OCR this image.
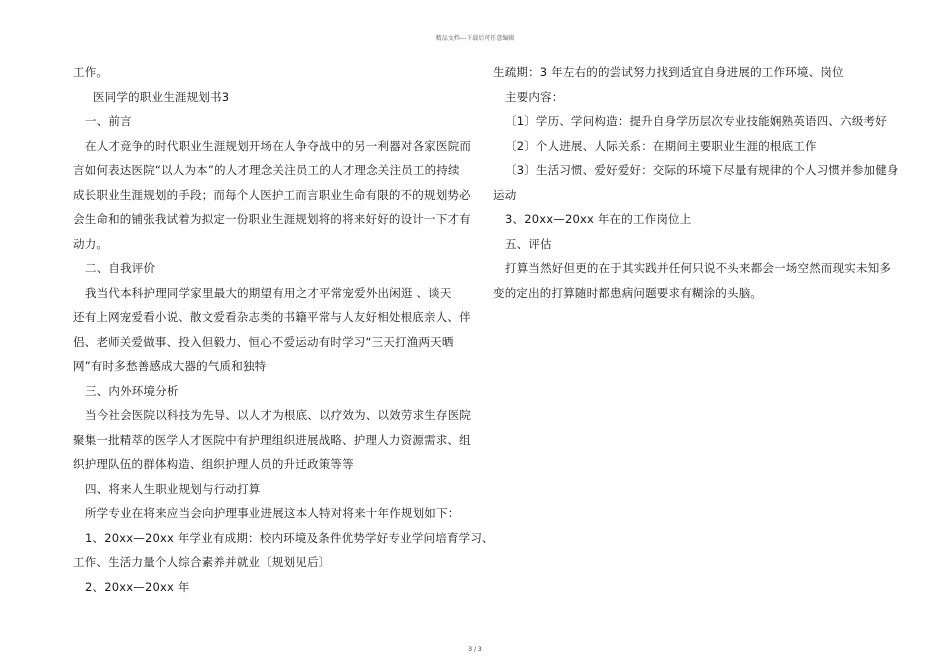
精品文档---下载后可任意编辑
工作。
医同学的职业生涯规划书3
一、前言
在人才竞争的时代职业生涯规划开场在人争夺战中的另一利器对各家医院而
言如何表达医院“以人为本”的人才理念关注员工的人才理念关注员工的持续
成长职业生涯规划的手段；而每个人医护工而言职业生命有限的不的规划势必
会生命和的铺张我试着为拟定一份职业生涯规划将的将来好好的设计一下才有
动力。
二、自我评价
我当代本科护理同学家里最大的期望有用之才平常宠爱外出闲逛 、谈天
还有上网宠爱看小说、散文爱看杂志类的书籍平常与人友好相处根底亲人、伴
侣、老师关爱做事、投入但毅力、恒心不爱运动有时学习“三天打渔两天晒
网”有时多愁善感成大器的气质和独特
三、内外环境分析
当今社会医院以科技为先导、以人才为根底、以疗效为、以效劳求生存医院
聚集一批精萃的医学人才医院中有护理组织进展战略、护理人力资源需求、组
织护理队伍的群体构造、组织护理人员的升迁政策等等
四、将来人生职业规划与行动打算
所学专业在将来应当会向护理事业进展这本人特对将来十年作规划如下：
1、20xx—20xx 年学业有成期：校内环境及条件优势学好专业学问培育学习、
工作、生活力量个人综合素养并就业〔规划见后〕
2、20xx—20xx 年
生疏期：3 年左右的的尝试努力找到适宜自身进展的工作环境、岗位
主要内容：
〔1〕学历、学问构造：提升自身学历层次专业技能娴熟英语四、六级考好
〔2〕个人进展、人际关系：在期间主要职业生涯的根底工作
〔3〕生活习惯、爱好爱好：交际的环境下尽量有规律的个人习惯并参加健身
运动
3、20xx—20xx 年在的工作岗位上
五、评估
打算当然好但更的在于其实践并任何只说不头来都会一场空然而现实未知多
变的定出的打算随时都患病问题要求有糊涂的头脑。
3 / 3
